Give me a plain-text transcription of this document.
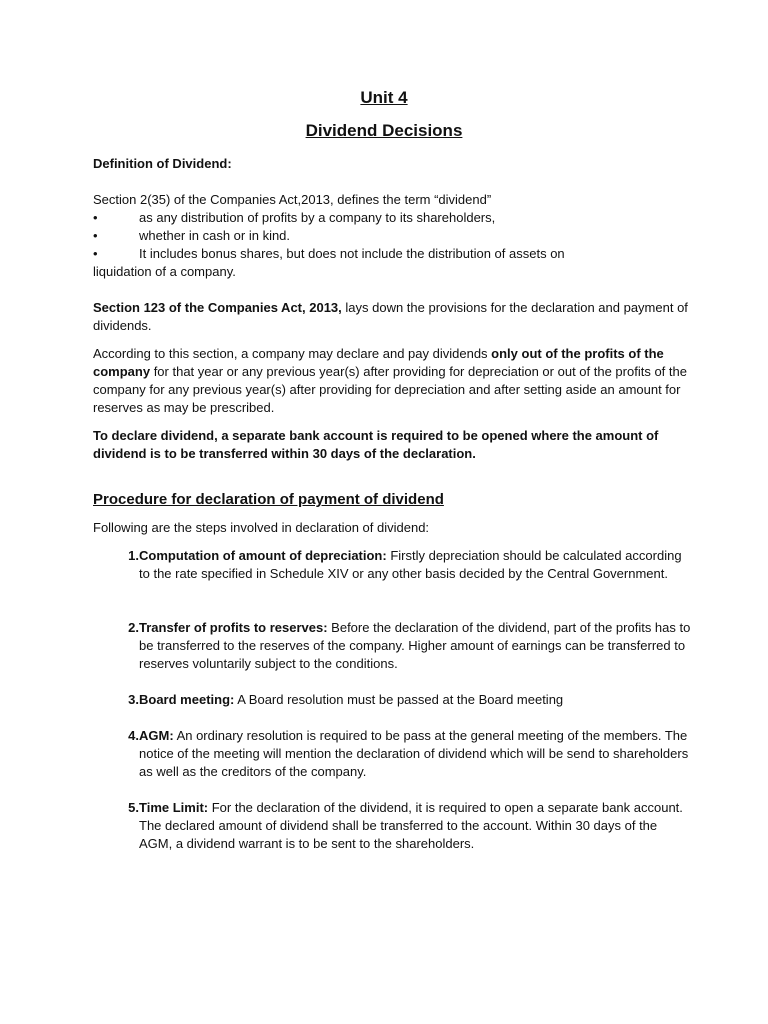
Unit 4
Dividend Decisions

Definition of Dividend:

Section 2(35) of the Companies Act,2013, defines the term “dividend”

•	as any distribution of profits by a company to its shareholders,
•	whether in cash or in kind.
•	It includes bonus shares, but does not include the distribution of assets on

liquidation of a company.

Section 123 of the Companies Act, 2013, lays down the provisions for the declaration and payment of dividends.

According to this section, a company may declare and pay dividends only out of the profits of the company for that year or any previous year(s) after providing for depreciation or out of the profits of the company for any previous year(s) after providing for depreciation and after setting aside an amount for reserves as may be prescribed.

To declare dividend, a separate bank account is required to be opened where the amount of dividend is to be transferred within 30 days of the declaration.

Procedure for declaration of payment of dividend

Following are the steps involved in declaration of dividend:

1. Computation of amount of depreciation: Firstly depreciation should be calculated according to the rate specified in Schedule XIV or any other basis decided by the Central Government.
2. Transfer of profits to reserves: Before the declaration of the dividend, part of the profits has to be transferred to the reserves of the company. Higher amount of earnings can be transferred to reserves voluntarily subject to the conditions.
3. Board meeting: A Board resolution must be passed at the Board meeting
4. AGM: An ordinary resolution is required to be pass at the general meeting of the members. The notice of the meeting will mention the declaration of dividend which will be send to shareholders as well as the creditors of the company.
5. Time Limit: For the declaration of the dividend, it is required to open a separate bank account. The declared amount of dividend shall be transferred to the account. Within 30 days of the AGM, a dividend warrant is to be sent to the shareholders.
